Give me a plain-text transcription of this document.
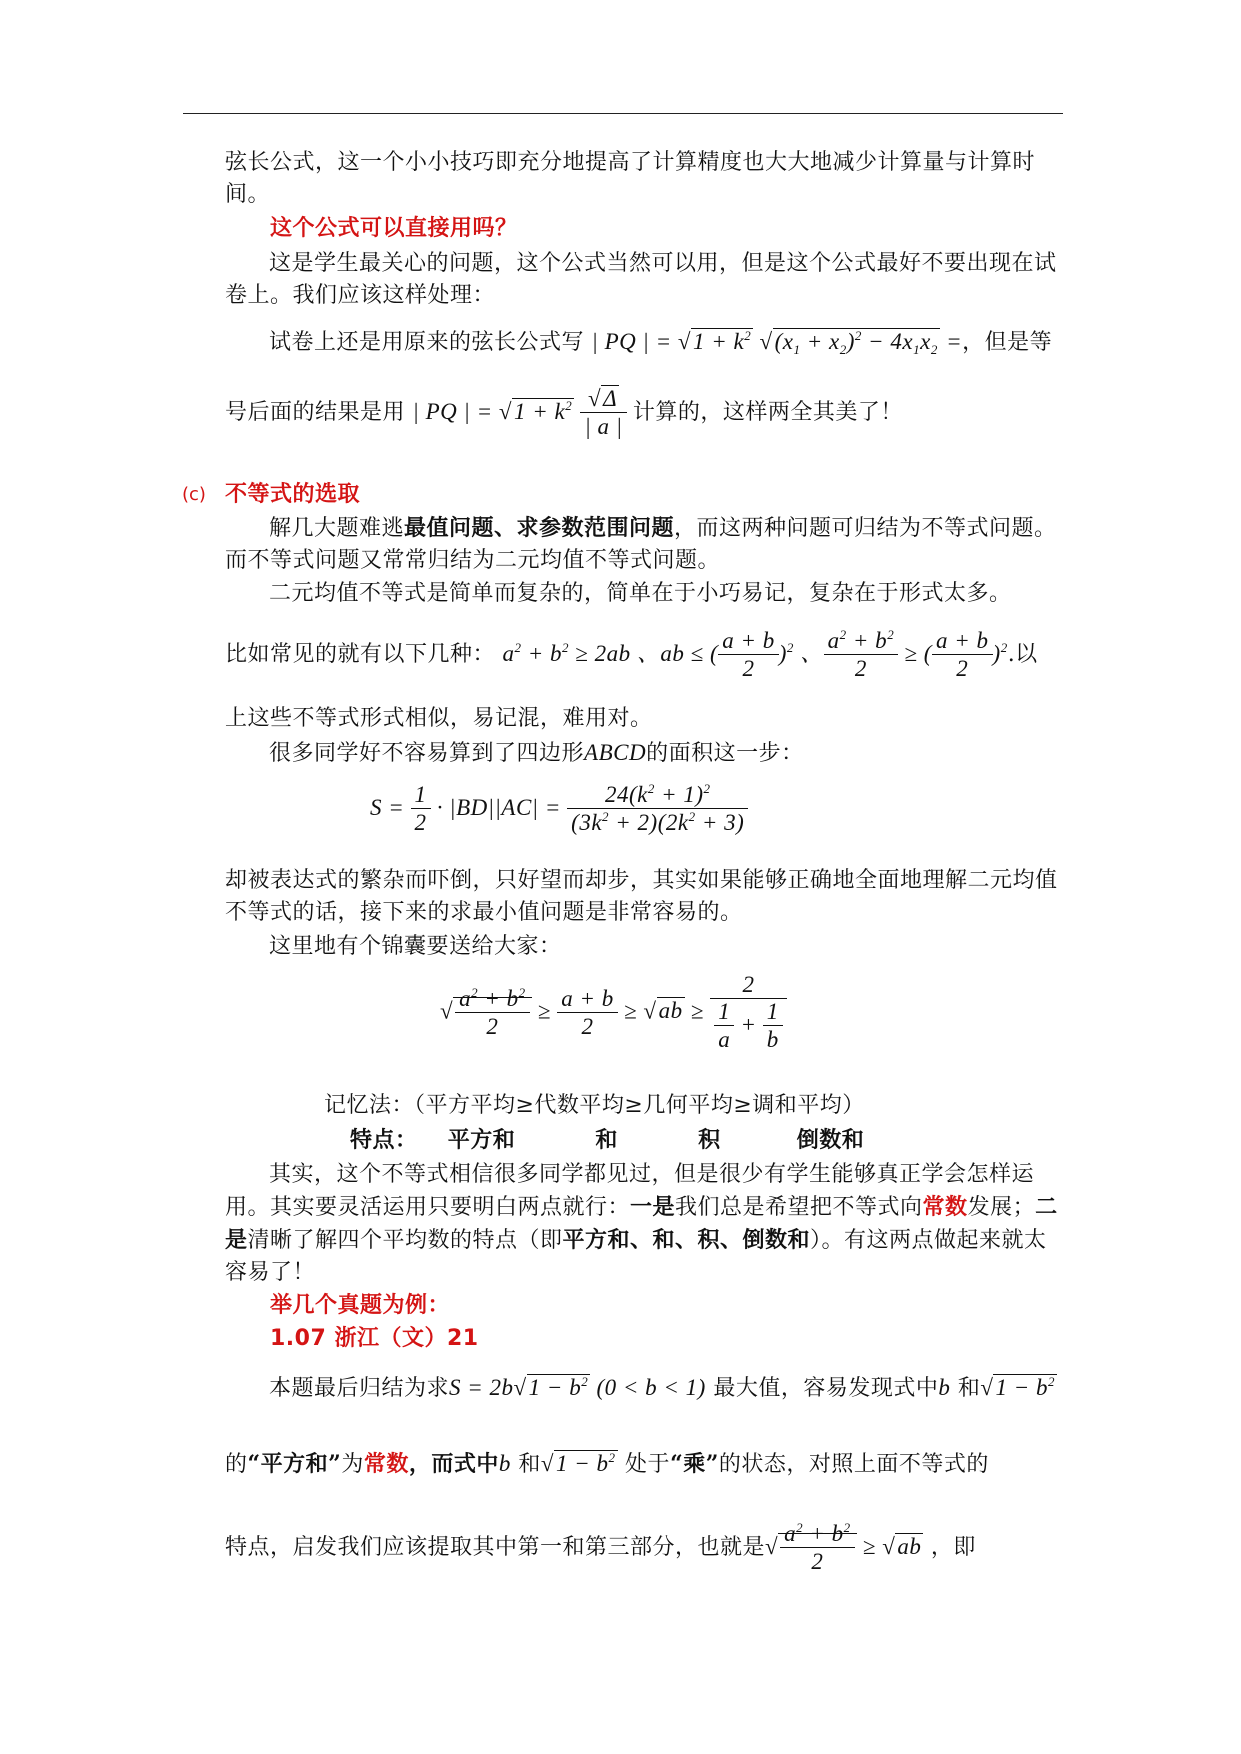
弦长公式，这一个小小技巧即充分地提高了计算精度也大大地减少计算量与计算时间。

这个公式可以直接用吗？

这是学生最关心的问题，这个公式当然可以用，但是这个公式最好不要出现在试卷上。我们应该这样处理：

试卷上还是用原来的弦长公式写 | PQ | = $√1 + k^2$ $√(x_1 + x_2)^2 - 4x_1x_2$ =，但是等

号后面的结果是用 | PQ | = $√1 + k^2 \frac{√\Delta}{| a |}$ 计算的，这样两全其美了！

(c) 不等式的选取

解几大题难逃最值问题、求参数范围问题，而这两种问题可归结为不等式问题。而不等式问题又常常归结为二元均值不等式问题。

二元均值不等式是简单而复杂的，简单在于小巧易记，复杂在于形式太多。

比如常见的就有以下几种： $a^2 + b^2 \ge 2ab$ 、ab ≤ ( $\frac{a + b}{2} )^2$ 、 $\frac{a^2 + b^2}{2}$ ≥ ( $\frac{a + b}{2} )^2$.以

上这些不等式形式相似，易记混，难用对。

很多同学好不容易算到了四边形ABCD的面积这一步：

$S = \frac{1}{2} \cdot |BD||AC| = \frac{24(k^2 + 1)^2}{(3k^2 + 2)(2k^2 + 3)}$

却被表达式的繁杂而吓倒，只好望而却步，其实如果能够正确地全面地理解二元均值不等式的话，接下来的求最小值问题是非常容易的。

这里地有个锦囊要送给大家：

√ $\frac{a^2 + b^2}{2} \ge \frac{a + b}{2} \ge √ab \ge \frac{2}{\frac{1}{a} + \frac{1}{b}}$

记忆法：（平方平均≥代数平均≥几何平均≥调和平均）

特点： 平方和	和	积	倒数和

其实，这个不等式相信很多同学都见过，但是很少有学生能够真正学会怎样运用。其实要灵活运用只要明白两点就行：一是我们总是希望把不等式向常数发展；二是清晰了解四个平均数的特点（即平方和、和、积、倒数和）。有这两点做起来就太容易了！

举几个真题为例：

1.07 浙江（文）21

本题最后归结为求$S = 2b√1 - b^2$ (0 < b < 1) 最大值，容易发现式中b 和$√1 - b^2$

的“平方和”为常数，而式中b 和$√1 - b^2$ 处于“乘”的状态，对照上面不等式的

特点，启发我们应该提取其中第一和第三部分，也就是√ $\frac{a^2 + b^2}{2} \ge √ab$ ，即
